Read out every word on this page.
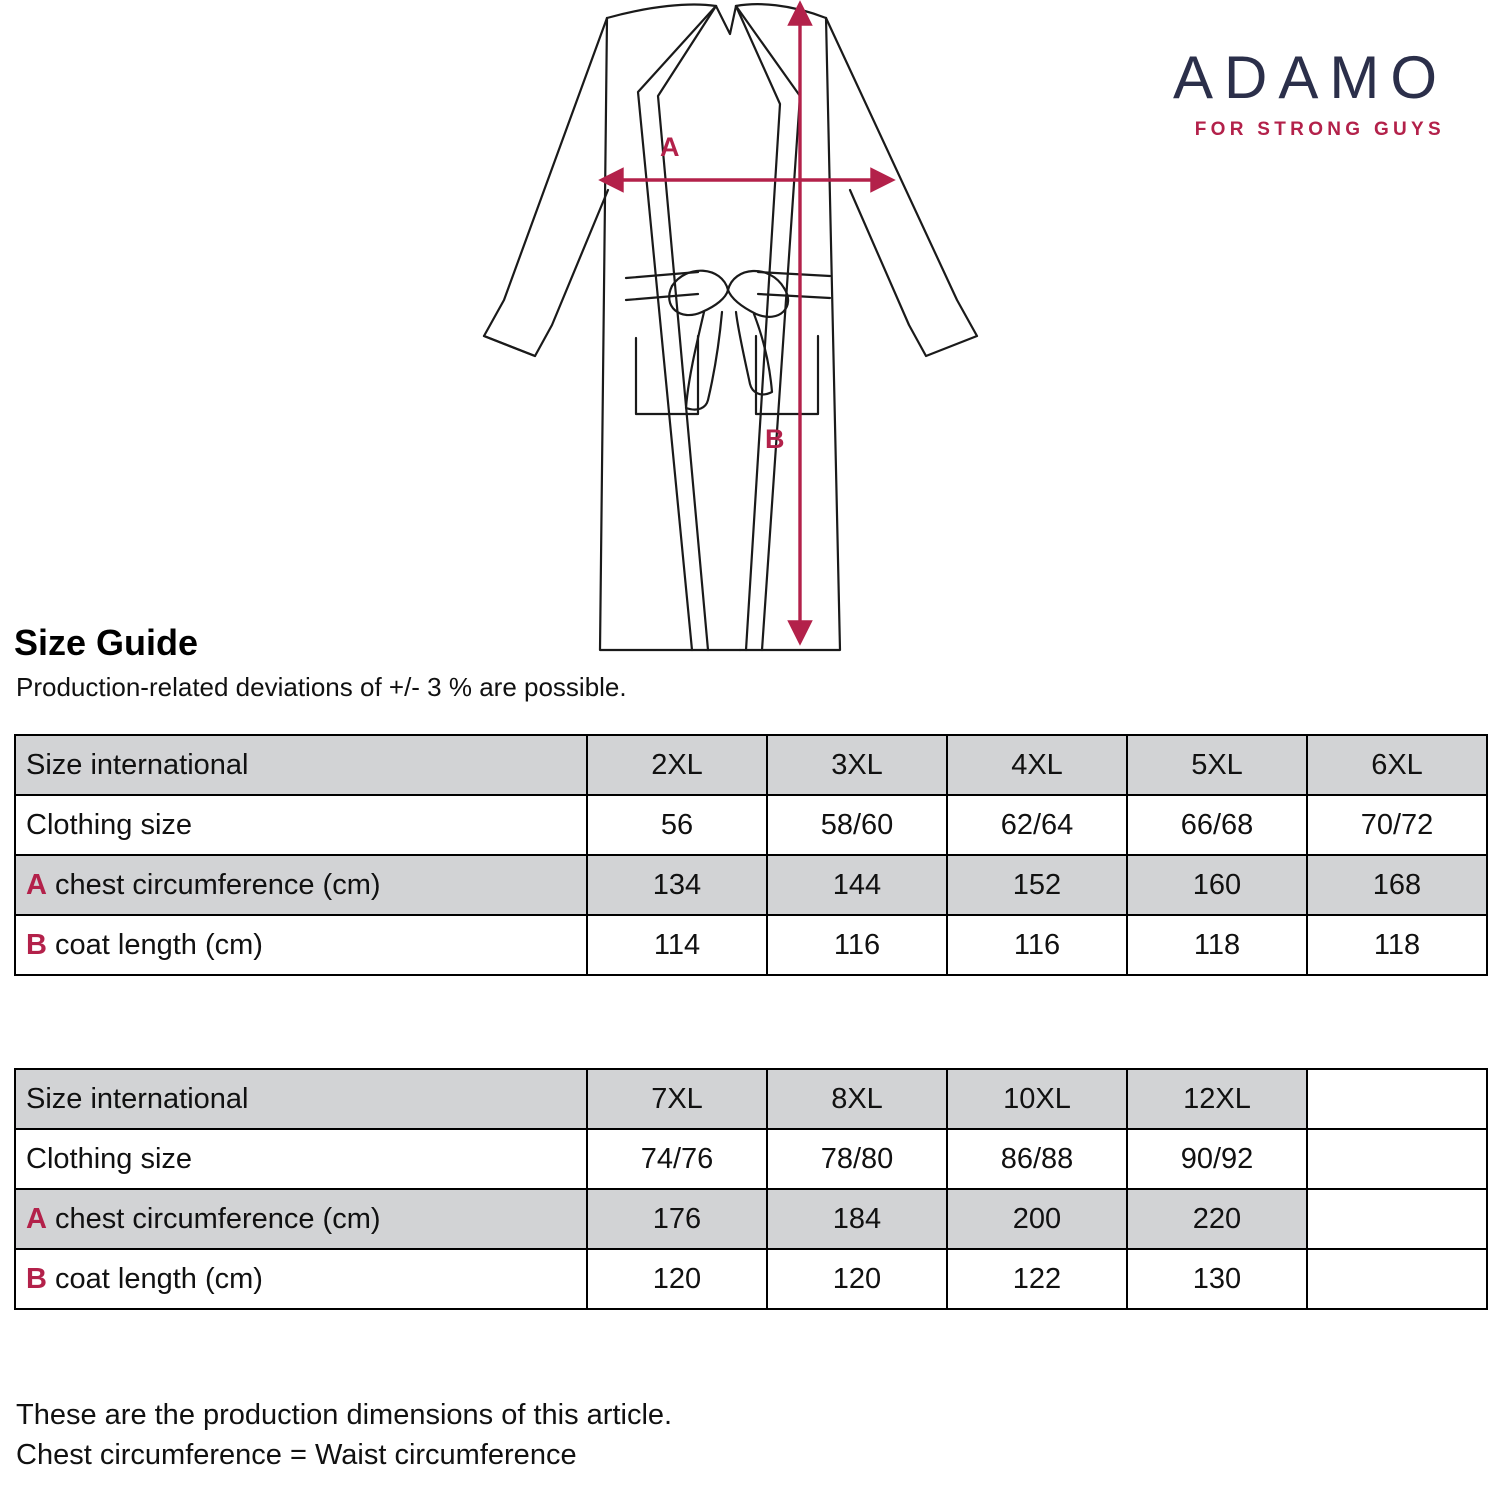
ADAMO
FOR STRONG GUYS
A
B
Size Guide
Production-related deviations of +/- 3 % are possible.
Size international	2XL	3XL	4XL	5XL	6XL
Clothing size	56	58/60	62/64	66/68	70/72
A chest circumference (cm)	134	144	152	160	168
B coat length (cm)	114	116	116	118	118
Size international	7XL	8XL	10XL	12XL	
Clothing size	74/76	78/80	86/88	90/92	
A chest circumference (cm)	176	184	200	220	
B coat length (cm)	120	120	122	130	
These are the production dimensions of this article.
Chest circumference = Waist circumference
